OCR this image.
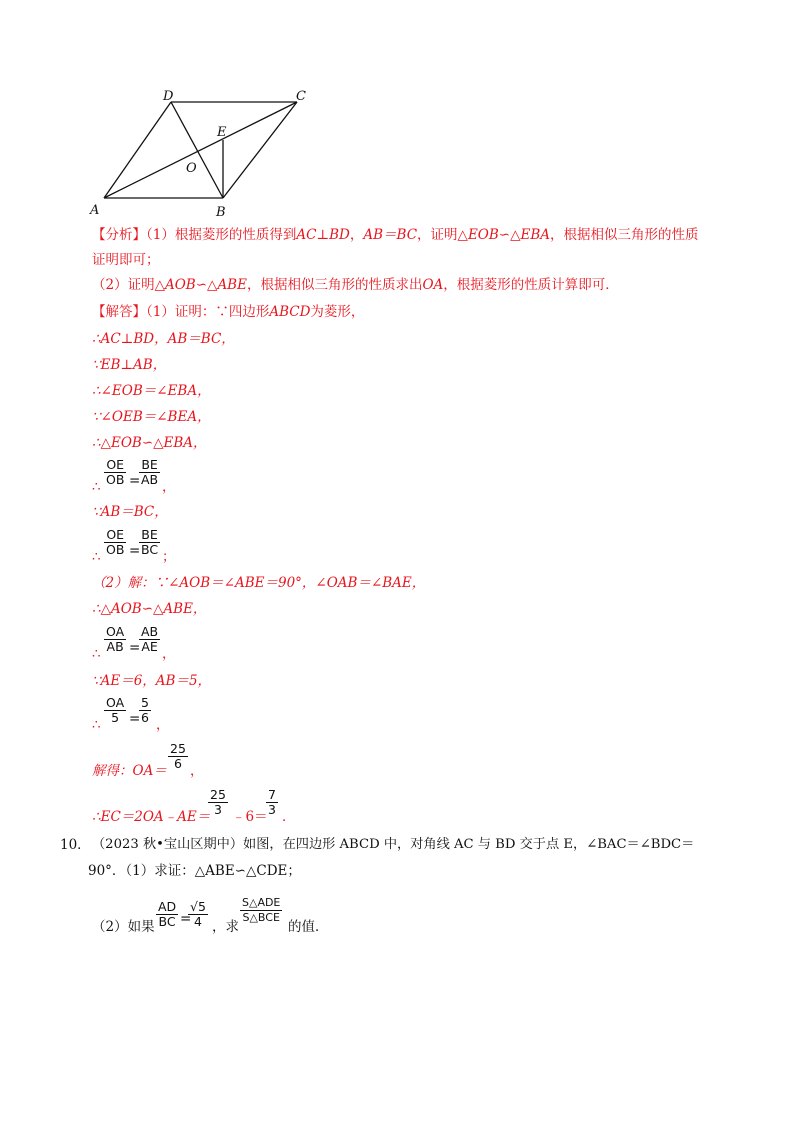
A	B
C
D
E
O
【分析】（1）根据菱形的性质得到AC⊥BD，AB＝BC，证明△EOB∽△EBA，根据相似三角形的性质
证明即可；
（2）证明△AOB∽△ABE，根据相似三角形的性质求出OA，根据菱形的性质计算即可．
【解答】（1）证明：∵四边形ABCD为菱形，
∴AC⊥BD，AB＝BC，
∵EB⊥AB，
∴∠EOB＝∠EBA，
∵∠OEB＝∠BEA，
∴△EOB∽△EBA，
∴ $\frac{OE}{OB}$ =
$\frac{BE}{AB}$ ，
∵AB＝BC，
∴ $\frac{OE}{OB}$ =
$\frac{BE}{BC}$ ；
（2）解：∵∠AOB＝∠ABE＝90°，∠OAB＝∠BAE，
∴△AOB∽△ABE，
∴ $\frac{OA}{AB}$ =
$\frac{AB}{AE}$ ，
∵AE＝6，AB＝5，
∴ $\frac{OA}{5}$ =
$\frac{5}{6}$ ，
解得：$OA= \frac{25}{6}$ ，
∴EC＝2OA﹣AE＝
$\frac{25}{3}$ ﹣6＝
$\frac{7}{3}$ ．
10． （2023 秋•宝山区期中）如图，在四边形 ABCD 中，对角线 AC 与 BD 交于点 E，∠BAC＝∠BDC＝
90°．（1）求证：△ABE∽△CDE；
（2）如果 $\frac{AD}{BC}$ =
$\frac{√5}{4}$ ，求
S△ADE
S△BCE
的值．
